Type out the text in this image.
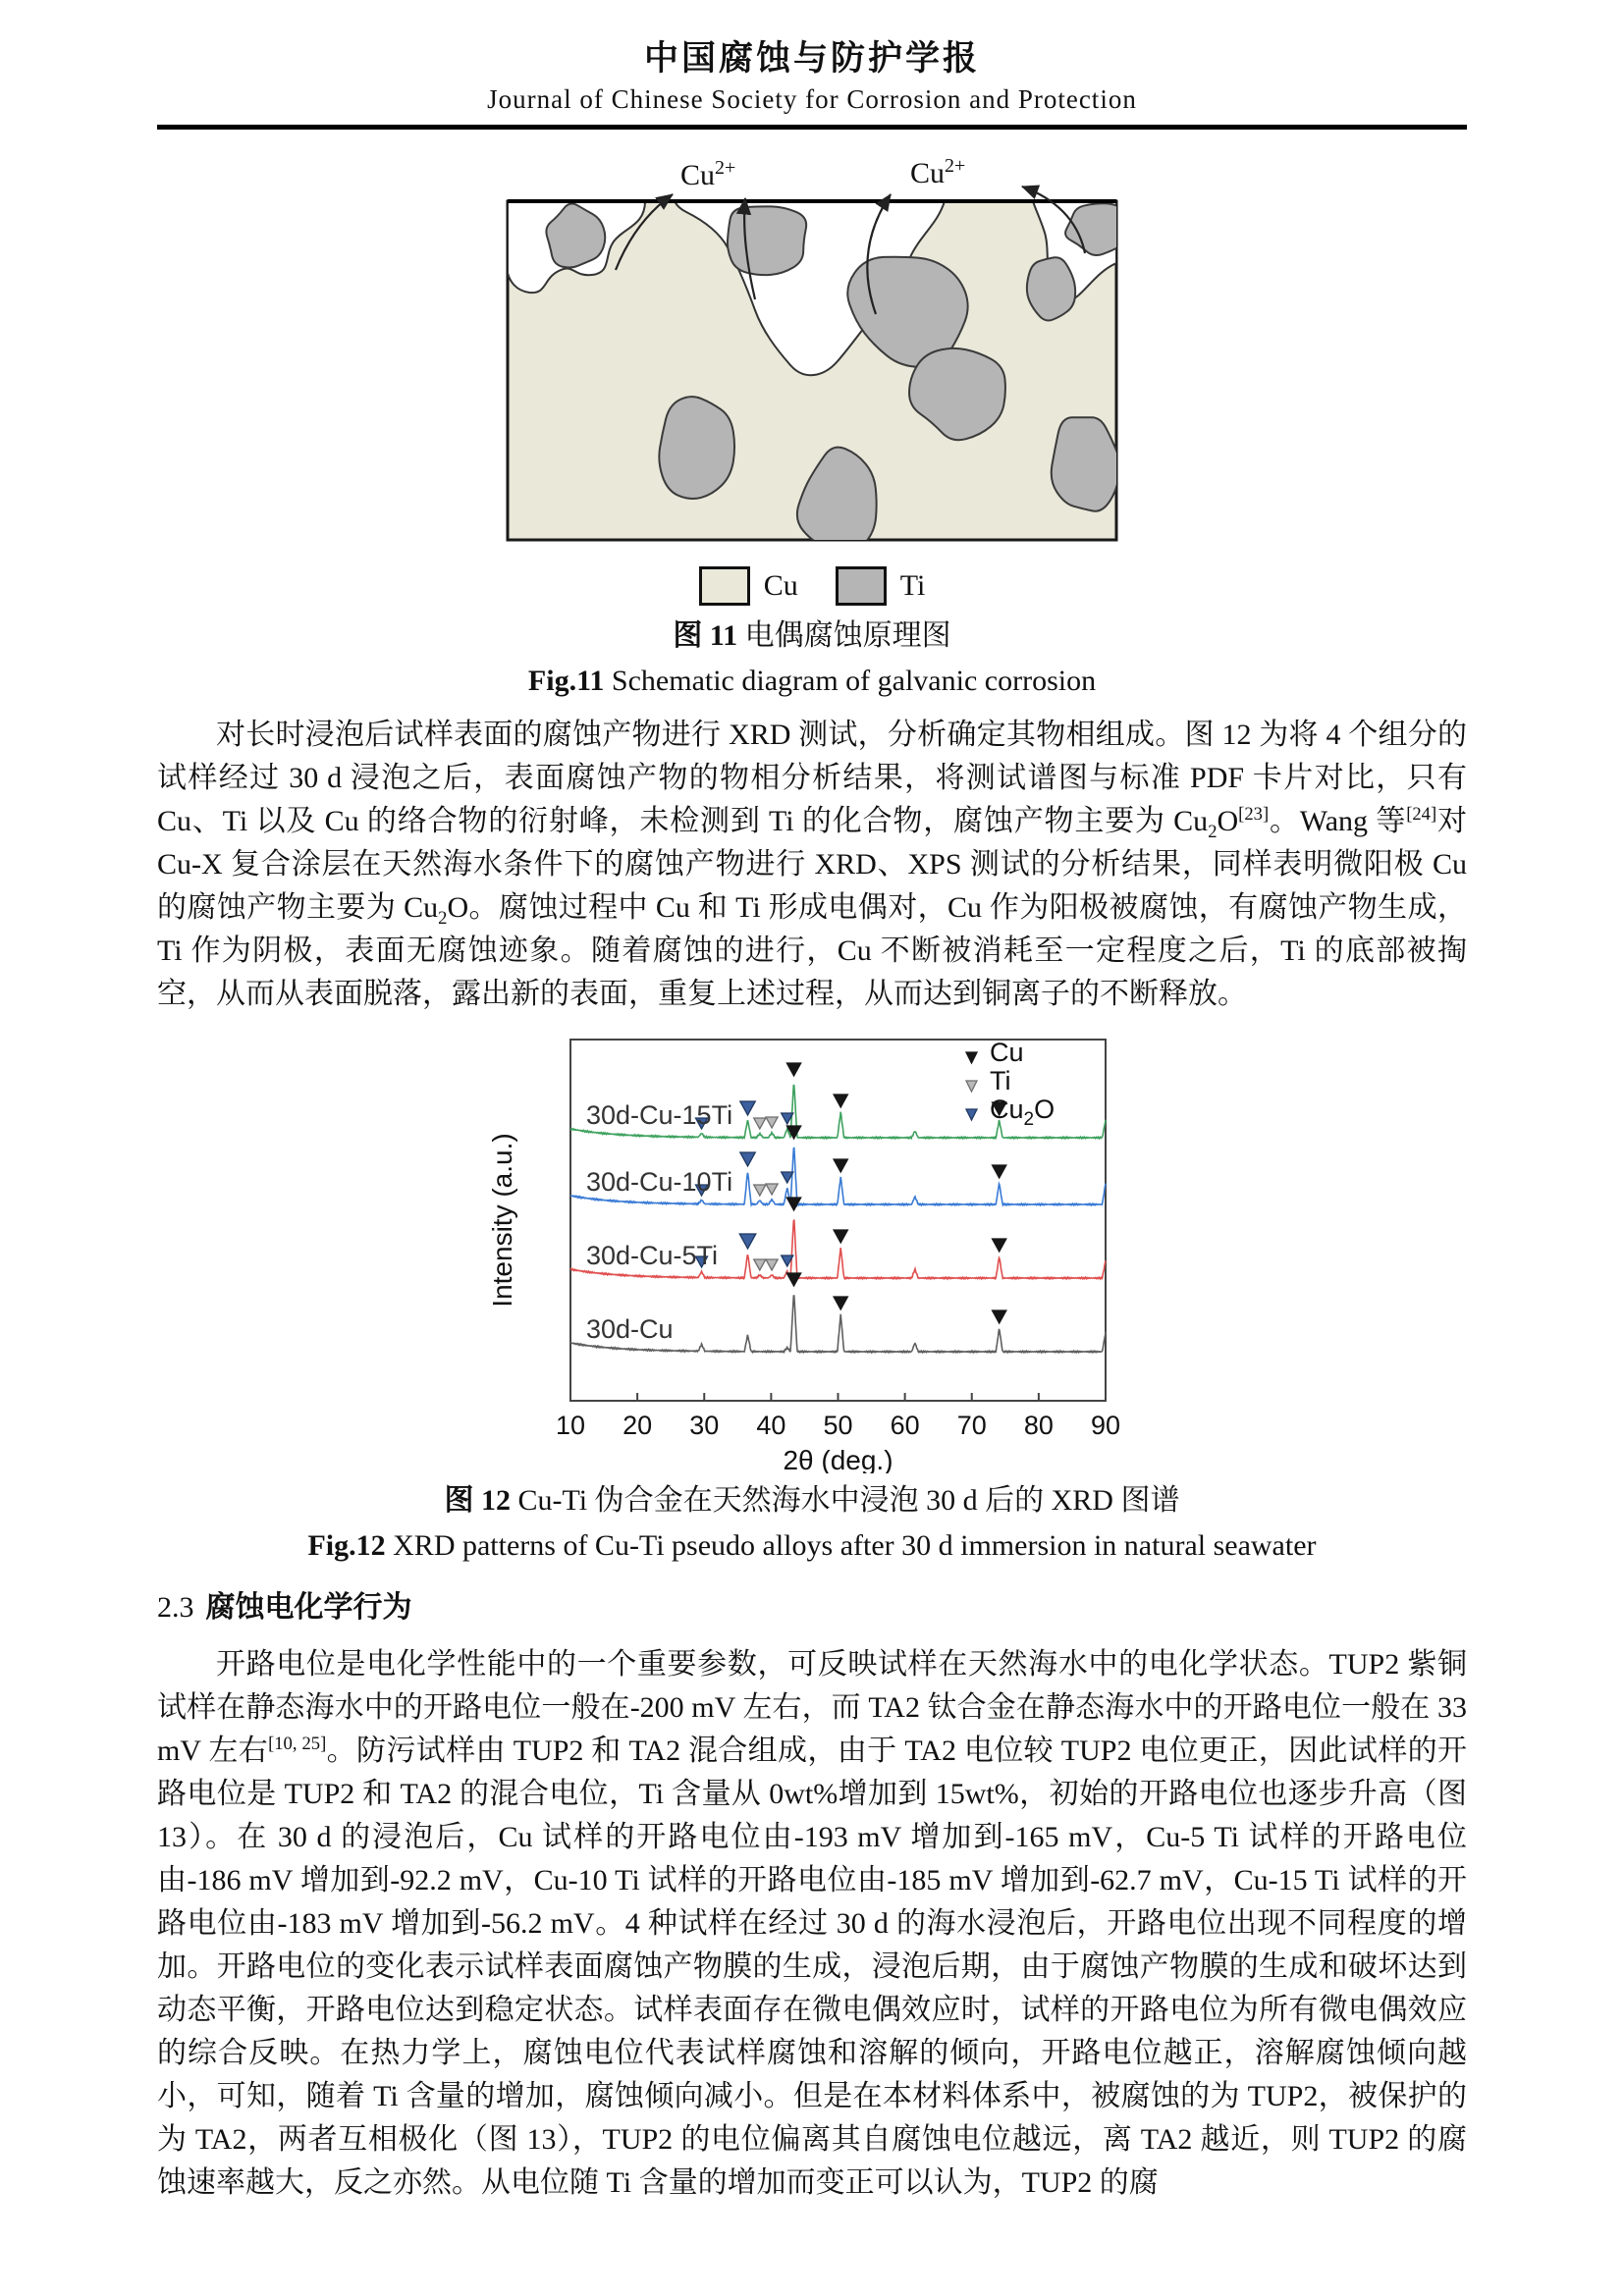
中国腐蚀与防护学报
Journal of Chinese Society for Corrosion and Protection
$Cu^{2+}$	$Cu^{2+}$
Cu	Ti

图 11 电偶腐蚀原理图

Fig.11 Schematic diagram of galvanic corrosion

对长时浸泡后试样表面的腐蚀产物进行 XRD 测试，分析确定其物相组成。图 12 为将 4 个组分的试样经过 30 d 浸泡之后，表面腐蚀产物的物相分析结果，将测试谱图与标准 PDF 卡片对比，只有 Cu、Ti 以及 Cu 的络合物的衍射峰，未检测到 Ti 的化合物，腐蚀产物主要为 $Cu_2O[23]$。Wang 等[24]对 Cu-X 复合涂层在天然海水条件下的腐蚀产物进行 XRD、XPS 测试的分析结果，同样表明微阳极 Cu 的腐蚀产物主要为 $Cu_2O$。腐蚀过程中 Cu 和 Ti 形成电偶对，Cu 作为阳极被腐蚀，有腐蚀产物生成，Ti 作为阴极，表面无腐蚀迹象。随着腐蚀的进行，Cu 不断被消耗至一定程度之后，Ti 的底部被掏空，从而从表面脱落，露出新的表面，重复上述过程，从而达到铜离子的不断释放。

30d-Cu-15Ti
30d-Cu-10Ti
30d-Cu-5Ti
30d-Cu
Cu
Ti
$Cu_2O$
10 20 30 40 50 60 70 80 90
2θ (deg.)
Intensity (a.u.)

图 12 Cu-Ti 伪合金在天然海水中浸泡 30 d 后的 XRD 图谱

Fig.12 XRD patterns of Cu-Ti pseudo alloys after 30 d immersion in natural seawater

2.3 腐蚀电化学行为

开路电位是电化学性能中的一个重要参数，可反映试样在天然海水中的电化学状态。TUP2 紫铜试样在静态海水中的开路电位一般在-200 mV 左右，而 TA2 钛合金在静态海水中的开路电位一般在 33 mV 左右[10, 25]。防污试样由 TUP2 和 TA2 混合组成，由于 TA2 电位较 TUP2 电位更正，因此试样的开路电位是 TUP2 和 TA2 的混合电位，Ti 含量从 0wt%增加到 15wt%，初始的开路电位也逐步升高（图 13）。在 30 d 的浸泡后，Cu 试样的开路电位由-193 mV 增加到-165 mV，Cu-5 Ti 试样的开路电位由-186 mV 增加到-92.2 mV，Cu-10 Ti 试样的开路电位由-185 mV 增加到-62.7 mV，Cu-15 Ti 试样的开路电位由-183 mV 增加到-56.2 mV。4 种试样在经过 30 d 的海水浸泡后，开路电位出现不同程度的增加。开路电位的变化表示试样表面腐蚀产物膜的生成，浸泡后期，由于腐蚀产物膜的生成和破坏达到动态平衡，开路电位达到稳定状态。试样表面存在微电偶效应时，试样的开路电位为所有微电偶效应的综合反映。在热力学上，腐蚀电位代表试样腐蚀和溶解的倾向，开路电位越正，溶解腐蚀倾向越小，可知，随着 Ti 含量的增加，腐蚀倾向减小。但是在本材料体系中，被腐蚀的为 TUP2，被保护的为 TA2，两者互相极化（图 13），TUP2 的电位偏离其自腐蚀电位越远，离 TA2 越近，则 TUP2 的腐蚀速率越大，反之亦然。从电位随 Ti 含量的增加而变正可以认为，TUP2 的腐
